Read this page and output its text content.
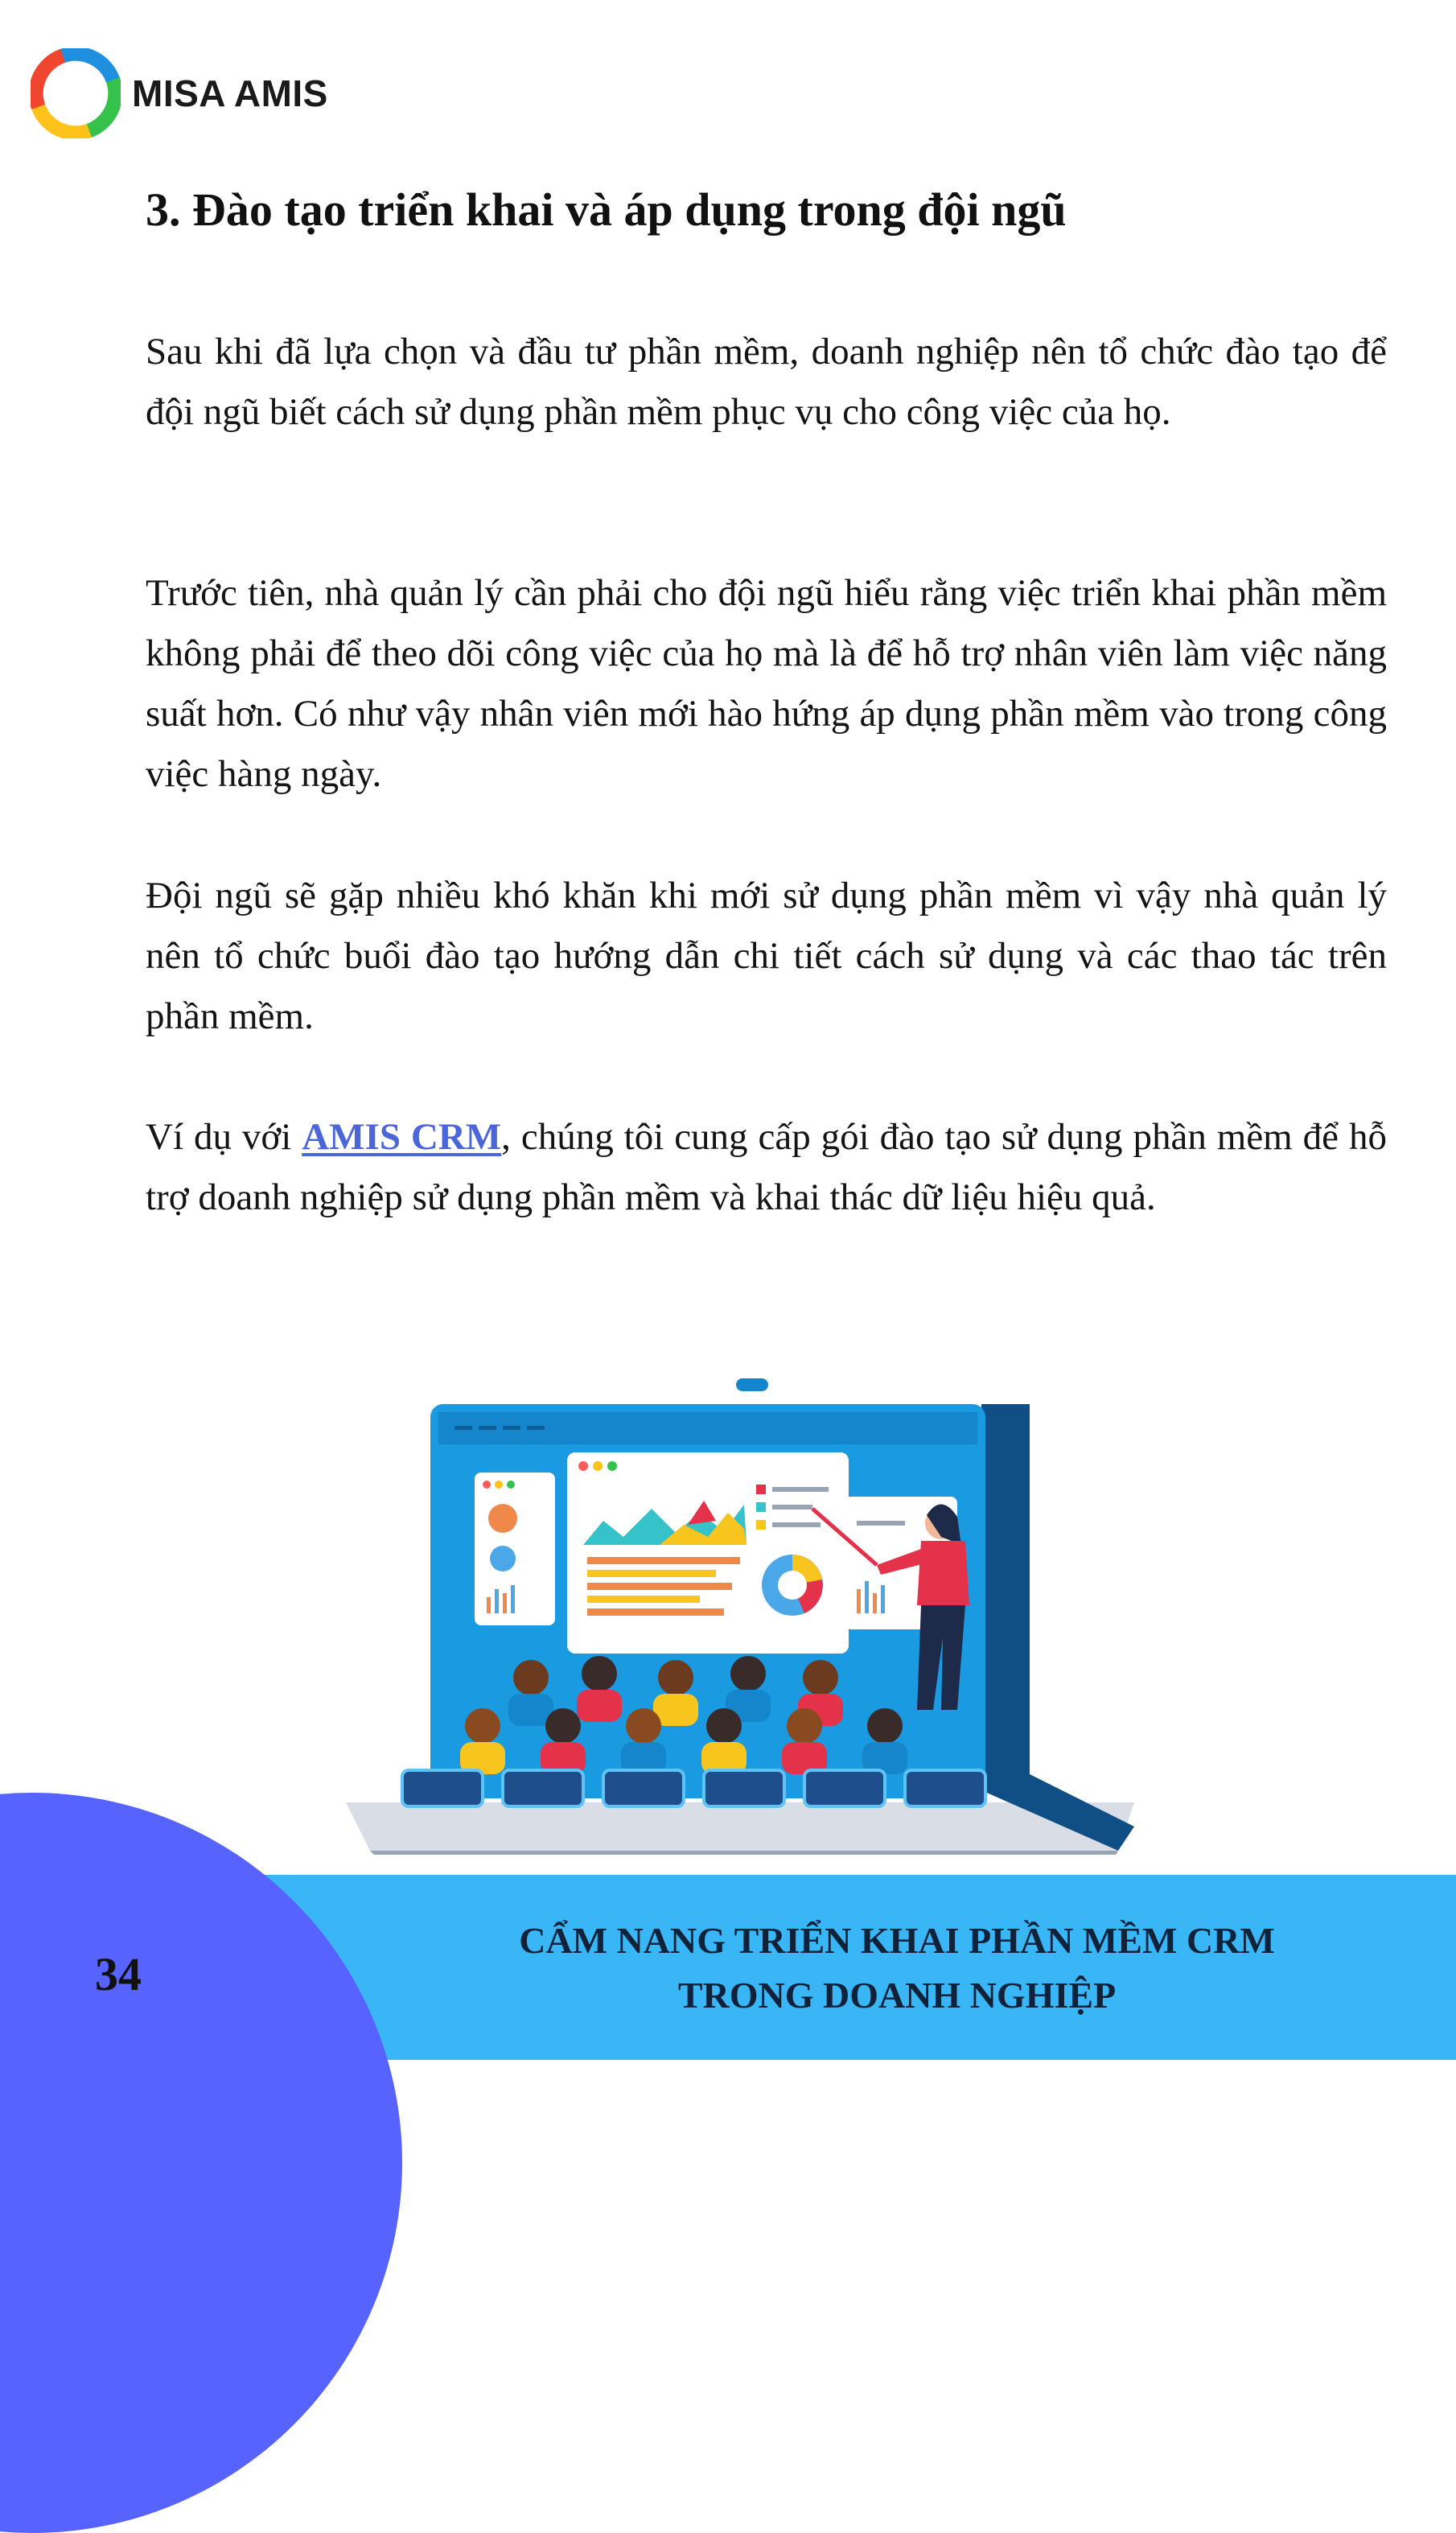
MISA AMIS
3. Đào tạo triển khai và áp dụng trong đội ngũ

Sau khi đã lựa chọn và đầu tư phần mềm, doanh nghiệp nên tổ chức đào tạo để đội ngũ biết cách sử dụng phần mềm phục vụ cho công việc của họ.

Trước tiên, nhà quản lý cần phải cho đội ngũ hiểu rằng việc triển khai phần mềm không phải để theo dõi công việc của họ mà là để hỗ trợ nhân viên làm việc năng suất hơn. Có như vậy nhân viên mới hào hứng áp dụng phần mềm vào trong công việc hàng ngày.

Đội ngũ sẽ gặp nhiều khó khăn khi mới sử dụng phần mềm vì vậy nhà quản lý nên tổ chức buổi đào tạo hướng dẫn chi tiết cách sử dụng và các thao tác trên phần mềm.

Ví dụ với AMIS CRM, chúng tôi cung cấp gói đào tạo sử dụng phần mềm để hỗ trợ doanh nghiệp sử dụng phần mềm và khai thác dữ liệu hiệu quả.

34
CẨM NANG TRIỂN KHAI PHẦN MỀM CRM
TRONG DOANH NGHIỆP
